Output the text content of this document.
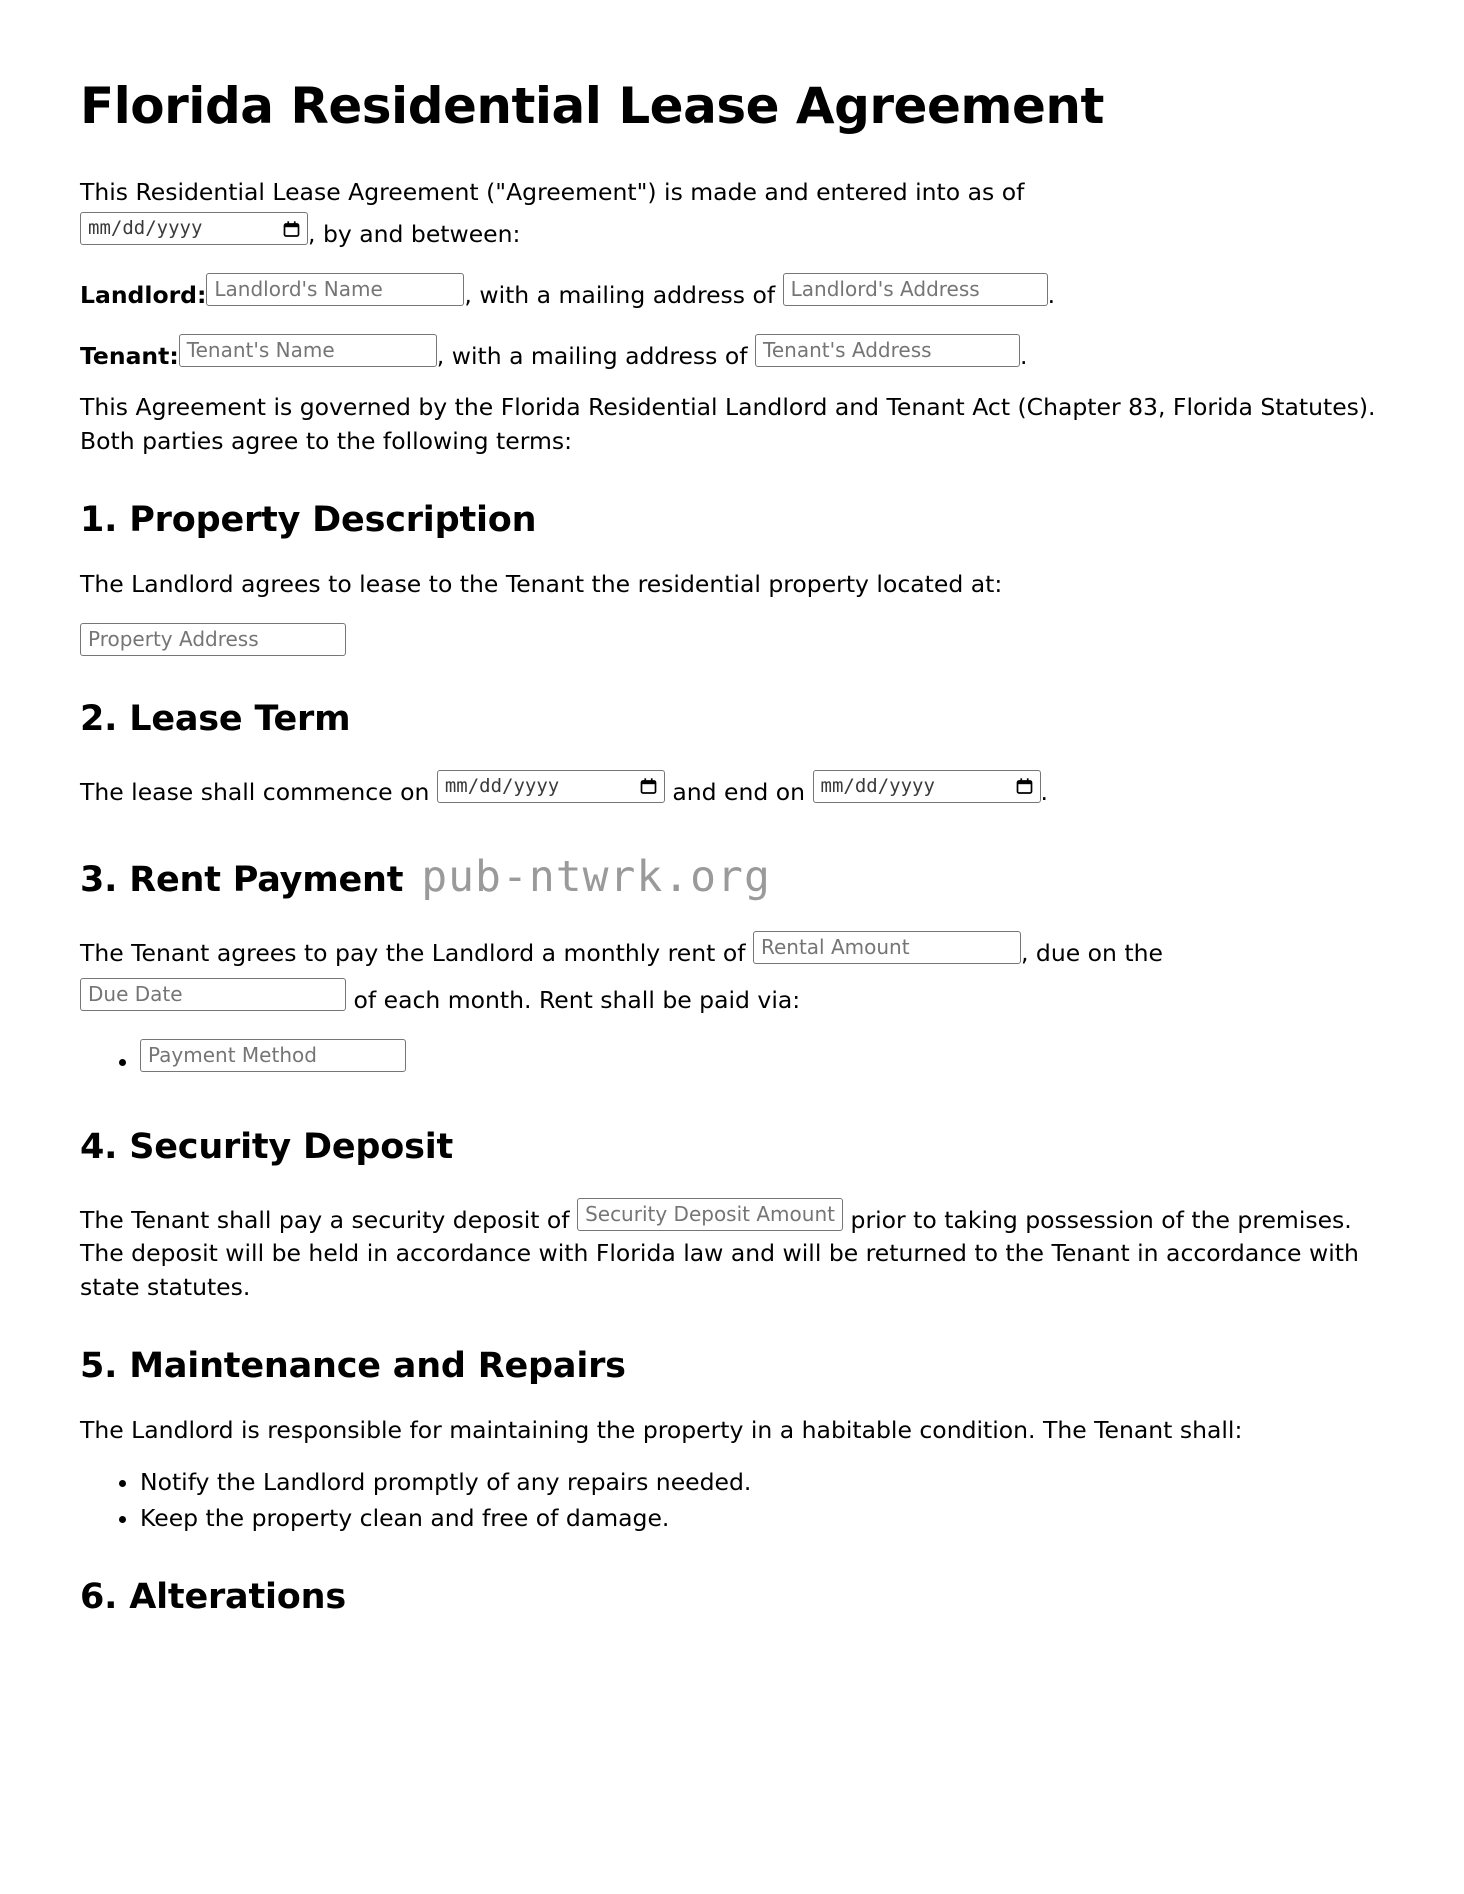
Florida Residential Lease Agreement

This Residential Lease Agreement ("Agreement") is made and entered into as of
mm/dd/yyyy	, by and between:

Landlord: Landlord's Name	, with a mailing address of Landlord's Address	.
Tenant: Tenant's Name	, with a mailing address of Tenant's Address	.

This Agreement is governed by the Florida Residential Landlord and Tenant Act (Chapter 83, Florida Statutes). Both parties agree to the following terms:

1. Property Description

The Landlord agrees to lease to the Tenant the residential property located at:

Property Address
2. Lease Term
The lease shall commence on mm/dd/yyyy	and end on mm/dd/yyyy	.
3. Rent Payment pub-ntwrk.org
The Tenant agrees to pay the Landlord a monthly rent of Rental Amount	, due on the Due Date	of each month. Rent shall be paid via:
• Payment Method
4. Security Deposit

The Tenant shall pay a security deposit of Security Deposit Amount prior to taking possession of the premises. The deposit will be held in accordance with Florida law and will be returned to the Tenant in accordance with state statutes.

5. Maintenance and Repairs

The Landlord is responsible for maintaining the property in a habitable condition. The Tenant shall:

• Notify the Landlord promptly of any repairs needed.
• Keep the property clean and free of damage.
6. Alterations
